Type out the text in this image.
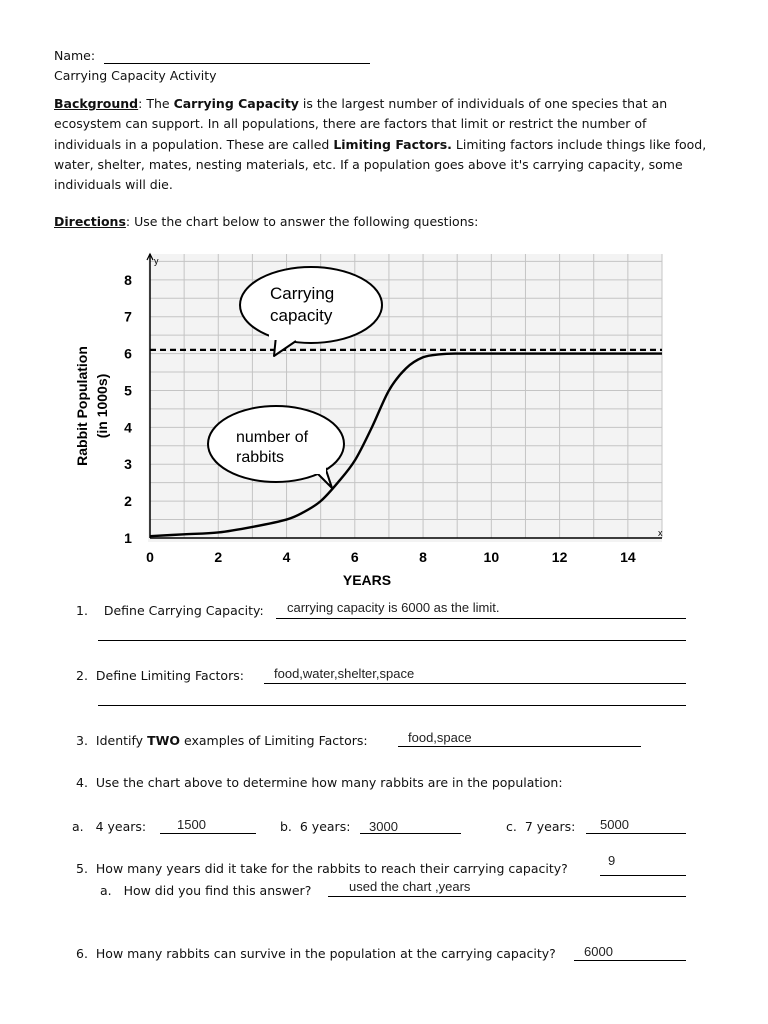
Name:
Carrying Capacity Activity
Background: The Carrying Capacity is the largest number of individuals of one species that an ecosystem can support. In all populations, there are factors that limit or restrict the number of individuals in a population. These are called Limiting Factors. Limiting factors include things like food, water, shelter, mates, nesting materials, etc. If a population goes above it's carrying capacity, some individuals will die.
Directions: Use the chart below to answer the following questions:
0	2	4	6	8	10	12	14
1
2
3
4
5
6
7
8
Carrying
capacity
number of
rabbits
YEARS
Rabbit Population (in 1000s)
x
y
1. Define Carrying Capacity: carrying capacity is 6000 as the limit.
2. Define Limiting Factors: food,water,shelter,space
3. Identify TWO examples of Limiting Factors:	food,space
4. Use the chart above to determine how many rabbits are in the population:
a. 4 years: 1500	b. 6 years: 3000	c. 7 years: 5000
5. How many years did it take for the rabbits to reach their carrying capacity?
9
a. How did you find this answer?	used the chart ,years
6. How many rabbits can survive in the population at the carrying capacity? 6000
